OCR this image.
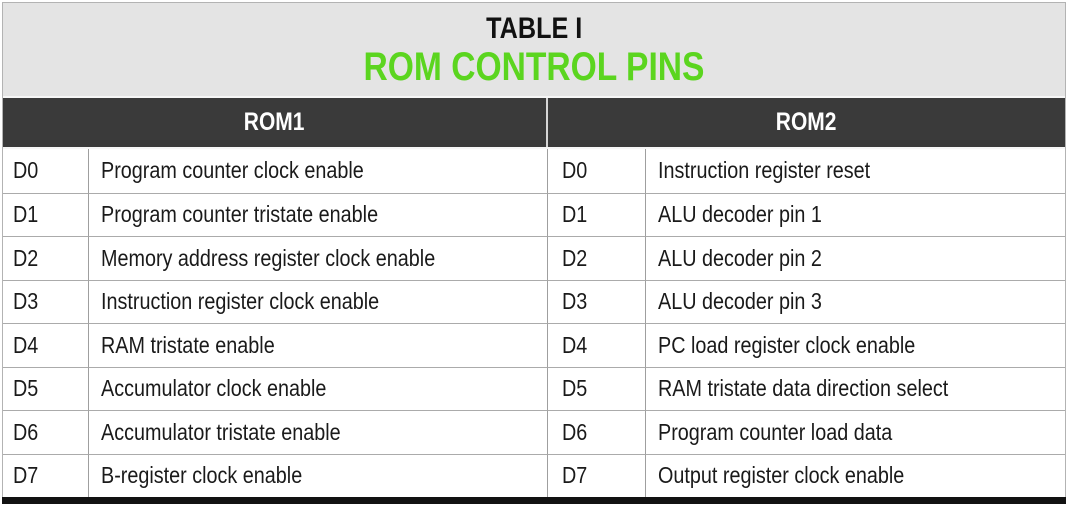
TABLE I
ROM CONTROL PINS
ROM1	ROM2
D0	Program counter clock enable	D0	Instruction register reset
D1	Program counter tristate enable	D1	ALU decoder pin 1
D2	Memory address register clock enable	D2	ALU decoder pin 2
D3	Instruction register clock enable	D3	ALU decoder pin 3
D4	RAM tristate enable	D4	PC load register clock enable
D5	Accumulator clock enable	D5	RAM tristate data direction select
D6	Accumulator tristate enable	D6	Program counter load data
D7	B-register clock enable	D7	Output register clock enable
